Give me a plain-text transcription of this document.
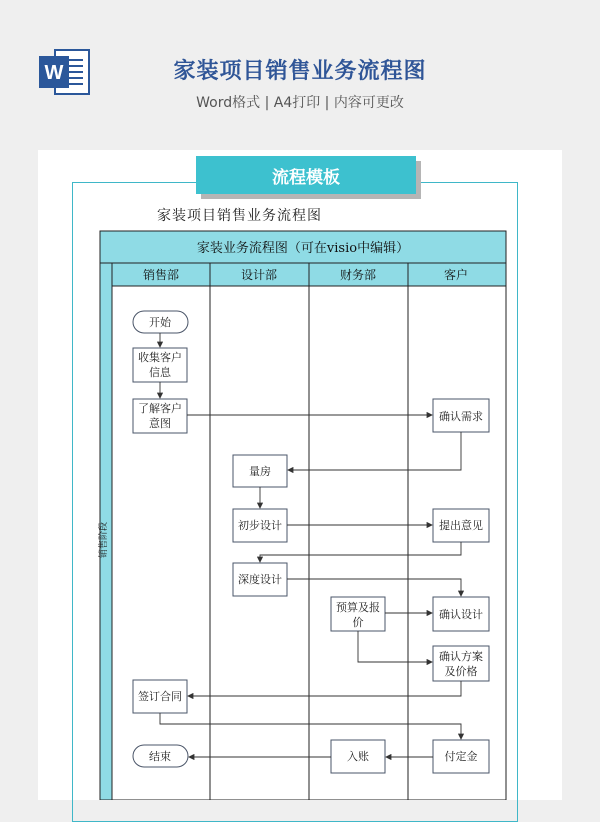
W	家装项目销售业务流程图
Word格式 | A4打印 | 内容可更改
流程模板
家装项目销售业务流程图
家装业务流程图（可在visio中编辑）
销售阶段
销售部	设计部	财务部	客户
开始
收集客户
信息
了解客户
意图
确认需求
量房
初步设计	提出意见
深度设计
预算及报
价
确认设计
确认方案
及价格
签订合同
付定金
入账
结束
